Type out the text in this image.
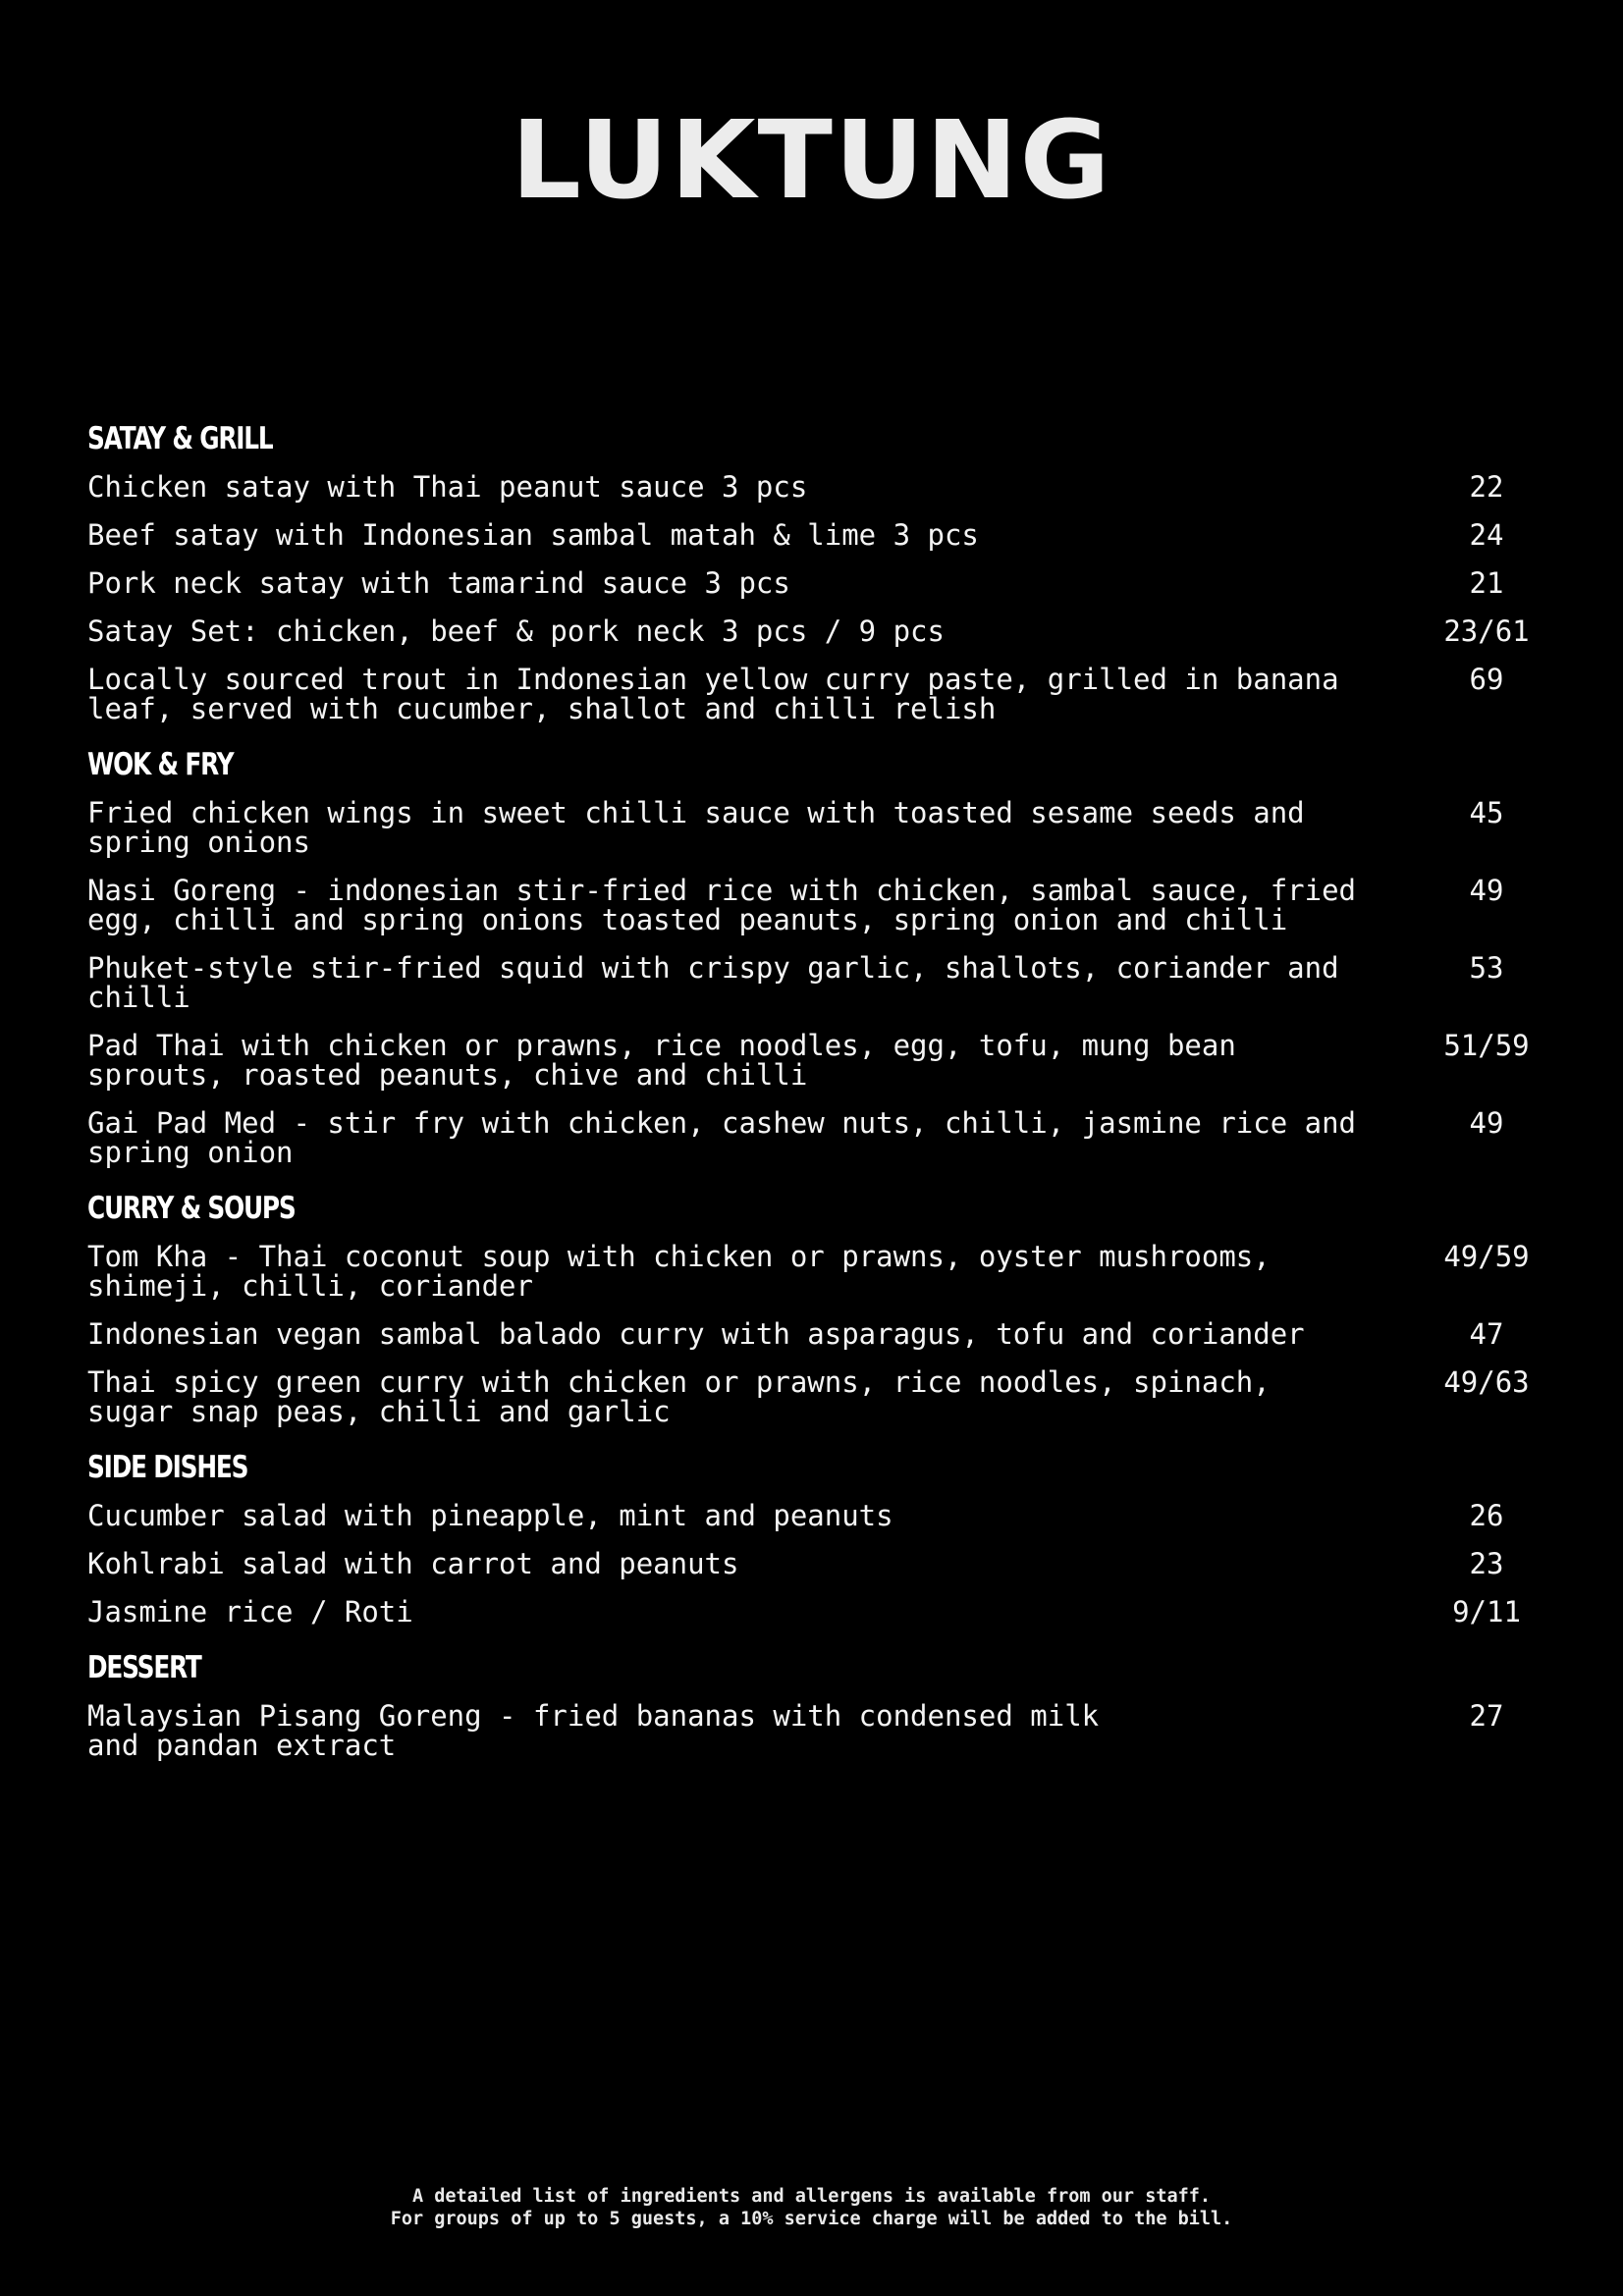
LUKTUNG
SATAY & GRILL
Chicken satay with Thai peanut sauce 3 pcs	22
Beef satay with Indonesian sambal matah & lime 3 pcs	24
Pork neck satay with tamarind sauce 3 pcs	21
Satay Set: chicken, beef & pork neck 3 pcs / 9 pcs	23/61
Locally sourced trout in Indonesian yellow curry paste, grilled in banana
leaf, served with cucumber, shallot and chilli relish
69
WOK & FRY
Fried chicken wings in sweet chilli sauce with toasted sesame seeds and
spring onions
45
Nasi Goreng - indonesian stir-fried rice with chicken, sambal sauce, fried
egg, chilli and spring onions toasted peanuts, spring onion and chilli
49
Phuket-style stir-fried squid with crispy garlic, shallots, coriander and
chilli
53
Pad Thai with chicken or prawns, rice noodles, egg, tofu, mung bean
sprouts, roasted peanuts, chive and chilli
51/59
Gai Pad Med - stir fry with chicken, cashew nuts, chilli, jasmine rice and
spring onion
49
CURRY & SOUPS
Tom Kha - Thai coconut soup with chicken or prawns, oyster mushrooms,
shimeji, chilli, coriander
49/59
Indonesian vegan sambal balado curry with asparagus, tofu and coriander	47
Thai spicy green curry with chicken or prawns, rice noodles, spinach,
sugar snap peas, chilli and garlic
49/63
SIDE DISHES
Cucumber salad with pineapple, mint and peanuts	26
Kohlrabi salad with carrot and peanuts	23
Jasmine rice / Roti	9/11
DESSERT
Malaysian Pisang Goreng - fried bananas with condensed milk
and pandan extract
27
A detailed list of ingredients and allergens is available from our staff.
For groups of up to 5 guests, a 10% service charge will be added to the bill.
